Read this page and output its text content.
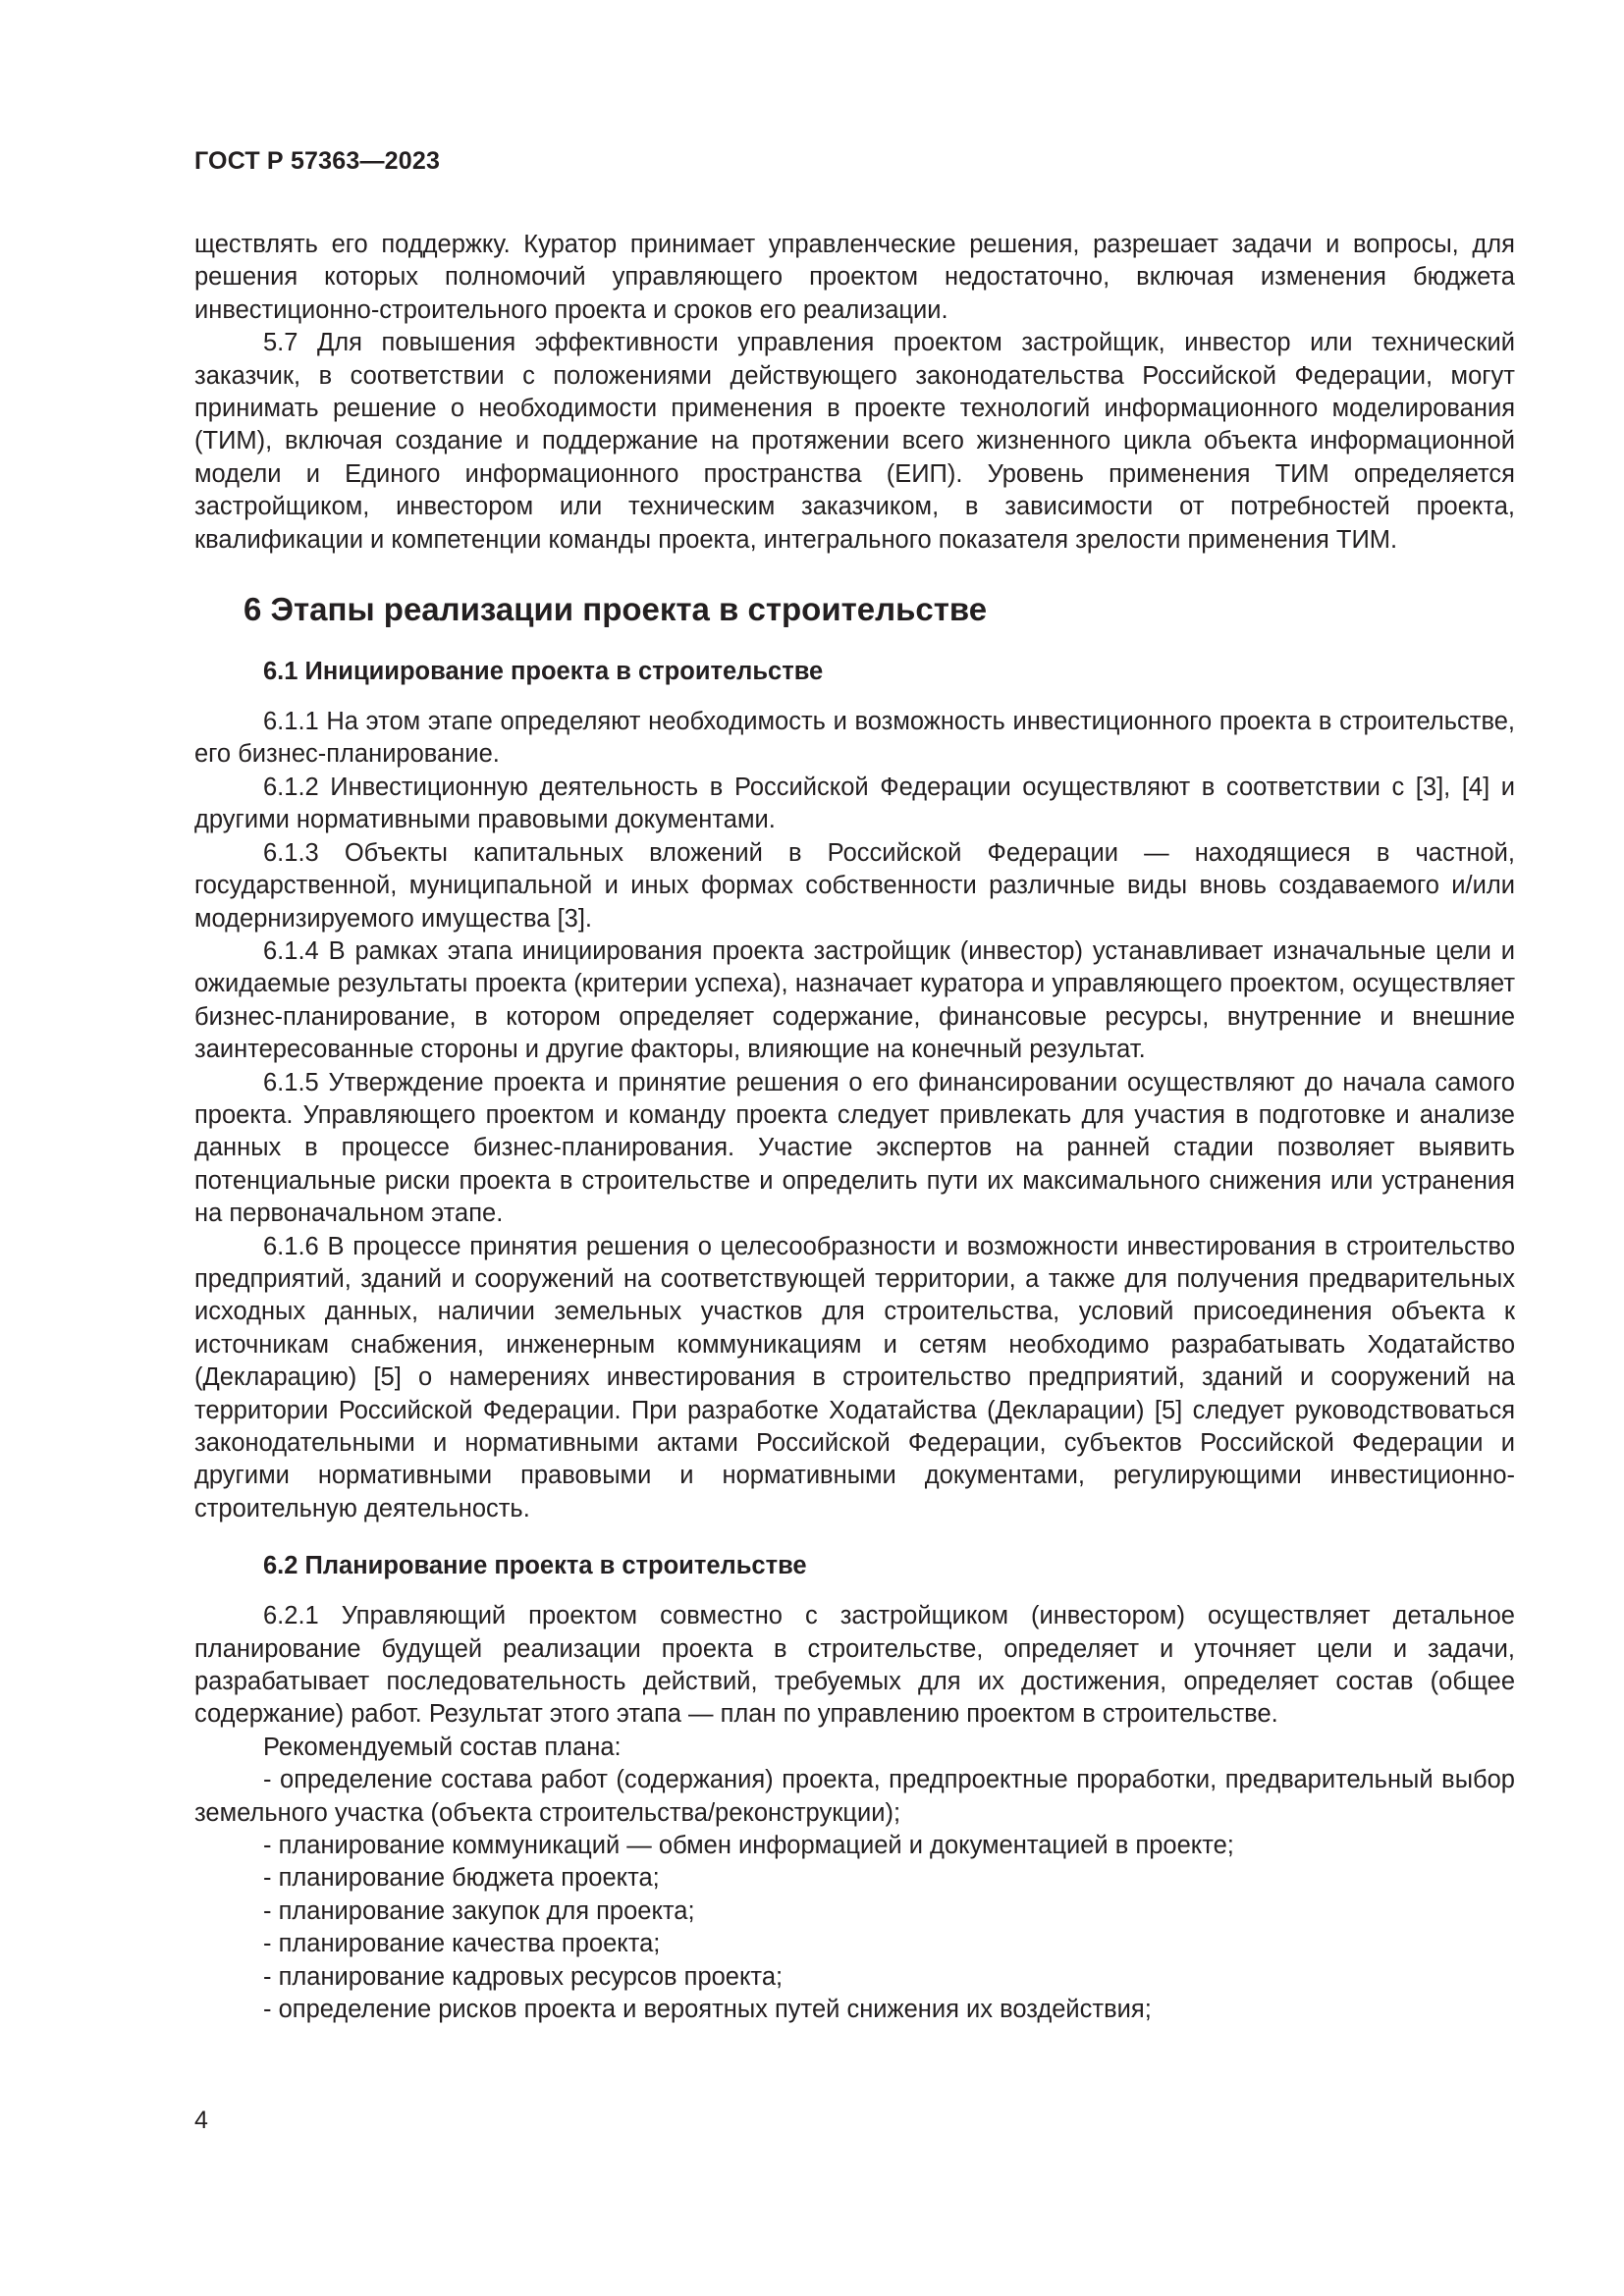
ГОСТ Р 57363—2023

ществлять его поддержку. Куратор принимает управленческие решения, разрешает задачи и вопросы, для решения которых полномочий управляющего проектом недостаточно, включая изменения бюджета инвестиционно-строительного проекта и сроков его реализации.

5.7 Для повышения эффективности управления проектом застройщик, инвестор или технический заказчик, в соответствии с положениями действующего законодательства Российской Федерации, могут принимать решение о необходимости применения в проекте технологий информационного моделирования (ТИМ), включая создание и поддержание на протяжении всего жизненного цикла объекта информационной модели и Единого информационного пространства (ЕИП). Уровень применения ТИМ определяется застройщиком, инвестором или техническим заказчиком, в зависимости от потребностей проекта, квалификации и компетенции команды проекта, интегрального показателя зрелости применения ТИМ.

6 Этапы реализации проекта в строительстве
6.1 Инициирование проекта в строительстве

6.1.1 На этом этапе определяют необходимость и возможность инвестиционного проекта в строительстве, его бизнес-планирование.

6.1.2 Инвестиционную деятельность в Российской Федерации осуществляют в соответствии с [3], [4] и другими нормативными правовыми документами.

6.1.3 Объекты капитальных вложений в Российской Федерации — находящиеся в частной, государственной, муниципальной и иных формах собственности различные виды вновь создаваемого и/или модернизируемого имущества [3].

6.1.4 В рамках этапа инициирования проекта застройщик (инвестор) устанавливает изначальные цели и ожидаемые результаты проекта (критерии успеха), назначает куратора и управляющего проектом, осуществляет бизнес-планирование, в котором определяет содержание, финансовые ресурсы, внутренние и внешние заинтересованные стороны и другие факторы, влияющие на конечный результат.

6.1.5 Утверждение проекта и принятие решения о его финансировании осуществляют до начала самого проекта. Управляющего проектом и команду проекта следует привлекать для участия в подготовке и анализе данных в процессе бизнес-планирования. Участие экспертов на ранней стадии позволяет выявить потенциальные риски проекта в строительстве и определить пути их максимального снижения или устранения на первоначальном этапе.

6.1.6 В процессе принятия решения о целесообразности и возможности инвестирования в строительство предприятий, зданий и сооружений на соответствующей территории, а также для получения предварительных исходных данных, наличии земельных участков для строительства, условий присоединения объекта к источникам снабжения, инженерным коммуникациям и сетям необходимо разрабатывать Ходатайство (Декларацию) [5] о намерениях инвестирования в строительство предприятий, зданий и сооружений на территории Российской Федерации. При разработке Ходатайства (Декларации) [5] следует руководствоваться законодательными и нормативными актами Российской Федерации, субъектов Российской Федерации и другими нормативными правовыми и нормативными документами, регулирующими инвестиционно-строительную деятельность.

6.2 Планирование проекта в строительстве

6.2.1 Управляющий проектом совместно с застройщиком (инвестором) осуществляет детальное планирование будущей реализации проекта в строительстве, определяет и уточняет цели и задачи, разрабатывает последовательность действий, требуемых для их достижения, определяет состав (общее содержание) работ. Результат этого этапа — план по управлению проектом в строительстве.

Рекомендуемый состав плана:

- определение состава работ (содержания) проекта, предпроектные проработки, предварительный выбор земельного участка (объекта строительства/реконструкции);
- планирование коммуникаций — обмен информацией и документацией в проекте;
- планирование бюджета проекта;
- планирование закупок для проекта;
- планирование качества проекта;
- планирование кадровых ресурсов проекта;
- определение рисков проекта и вероятных путей снижения их воздействия;
4
